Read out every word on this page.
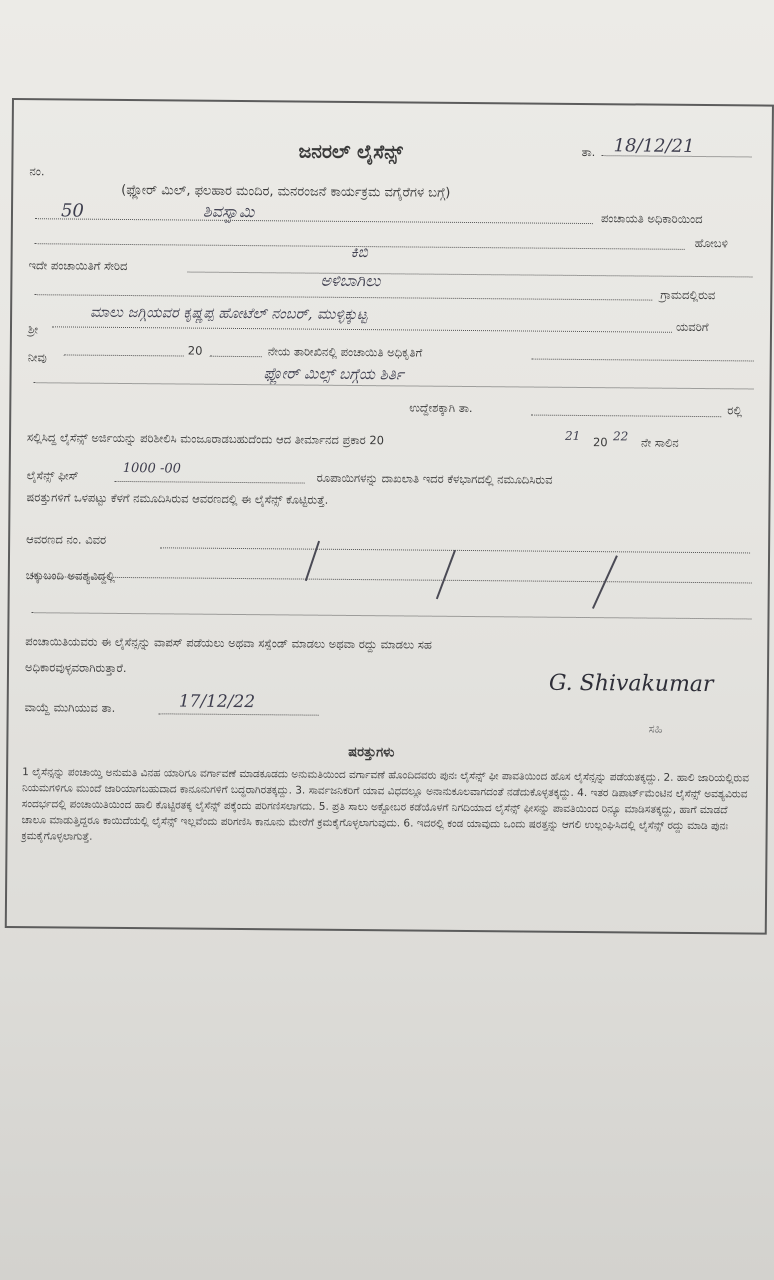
ಜನರಲ್ ಲೈಸೆನ್ಸ್	ತಾ. 18/12/21
ನಂ.
(ಫ್ಲೋರ್ ಮಿಲ್, ಫಲಹಾರ ಮಂದಿರ, ಮನರಂಜನೆ ಕಾರ್ಯಕ್ರಮ ವಗೈರೆಗಳ ಬಗ್ಗೆ)
50	ಶಿವಸ್ವಾಮಿ	ಪಂಚಾಯತಿ ಅಧಿಕಾರಿಯಿಂದ
ಹೋಬಳಿ
ಇದೇ ಪಂಚಾಯಿತಿಗೆ ಸೇರಿದ
ಕಿಬಿ
ಅಳಿಬಾಗಿಲು
ಗ್ರಾಮದಲ್ಲಿರುವ
ಶ್ರೀ
ಮಾಲು ಜಗ್ಗಿಯವರ ಕೃಷ್ಣಪ್ಪ ಹೋಟೆಲ್ ನಂಬರ್, ಮುಳ್ಳಿಕ್ಕುಟ್ಟ
ಯವರಿಗೆ
ನೀವು	20	ನೇಯ ತಾರೀಖಿನಲ್ಲಿ ಪಂಚಾಯಿತಿ ಅಧಿಕೃತಿಗೆ
ಫ್ಲೋರ್ ಮಿಲ್ಸ್ ಬಗ್ಗೆಯ ಶಿರ್ತಿ
ಉದ್ದೇಶಕ್ಕಾಗಿ ತಾ.	ರಲ್ಲಿ
ಸಲ್ಲಿಸಿದ್ದ ಲೈಸೆನ್ಸ್ ಅರ್ಜಿಯನ್ನು ಪರಿಶೀಲಿಸಿ ಮಂಜೂರಾಡಬಹುದೆಂದು ಆದ ತೀರ್ಮಾನದ ಪ್ರಕಾರ 20	21 20 22 ನೇ ಸಾಲಿನ
ಲೈಸೆನ್ಸ್ ಫೀಸ್	1000 -00
ರೂಪಾಯಿಗಳನ್ನು ದಾಖಲಾತಿ ಇದರ ಕೆಳಭಾಗದಲ್ಲಿ ನಮೂದಿಸಿರುವ
ಷರತ್ತುಗಳಿಗೆ ಒಳಪಟ್ಟು ಕೆಳಗೆ ನಮೂದಿಸಿರುವ ಆವರಣದಲ್ಲಿ ಈ ಲೈಸೆನ್ಸ್ ಕೊಟ್ಟಿರುತ್ತೆ.
ಆವರಣದ ನಂ. ವಿವರ
ಚಕ್ಕುಬಂದಿ ಅವಶ್ಯವಿದ್ದಲ್ಲಿ
ಪಂಚಾಯಿತಿಯವರು ಈ ಲೈಸೆನ್ಸನ್ನು ವಾಪಸ್ ಪಡೆಯಲು ಅಥವಾ ಸಸ್ಪೆಂಡ್ ಮಾಡಲು ಅಥವಾ ರದ್ದು ಮಾಡಲು ಸಹ
ಅಧಿಕಾರವುಳ್ಳವರಾಗಿರುತ್ತಾರೆ.
ವಾಯ್ದೆ ಮುಗಿಯುವ ತಾ.	17/12/22
G. Shivakumar
ಸಹಿ
ಷರತ್ತುಗಳು
1 ಲೈಸೆನ್ಸನ್ನು ಪಂಚಾಯ್ತಿ ಅನುಮತಿ ವಿನಹ ಯಾರಿಗೂ ವರ್ಗಾವಣೆ ಮಾಡಕೂಡದು ಅನುಮತಿಯಿಂದ ವರ್ಗಾವಣೆ ಹೊಂದಿದವರು ಪುನಃ ಲೈಸೆನ್ಸ್ ಫೀ ಪಾವತಿಯಿಂದ ಹೊಸ ಲೈಸೆನ್ಸನ್ನು ಪಡೆಯತಕ್ಕದ್ದು. 2. ಹಾಲಿ ಜಾರಿಯಲ್ಲಿರುವ ನಿಯಮಗಳಿಗೂ ಮುಂದೆ ಜಾರಿಯಾಗಬಹುದಾದ ಕಾನೂನುಗಳಿಗೆ ಬದ್ಧರಾಗಿರತಕ್ಕದ್ದು. 3. ಸಾರ್ವಜನಿಕರಿಗೆ ಯಾವ ವಿಧದಲ್ಲೂ ಅನಾನುಕೂಲವಾಗದಂತೆ ನಡೆದುಕೊಳ್ಳತಕ್ಕದ್ದು. 4. ಇತರ ಡಿಪಾರ್ಟ್‌ಮೆಂಟಿನ ಲೈಸೆನ್ಸ್ ಅವಶ್ಯವಿರುವ ಸಂದರ್ಭದಲ್ಲಿ ಪಂಚಾಯಿತಿಯಿಂದ ಹಾಲಿ ಕೊಟ್ಟಿರತಕ್ಕ ಲೈಸೆನ್ಸ್ ಪಕ್ಕೆಂದು ಪರಿಗಣಿಸಲಾಗದು. 5. ಪ್ರತಿ ಸಾಲು ಅಕ್ಟೋಬರ ಕಡೆಯೊಳಗೆ ನಿಗದಿಯಾದ ಲೈಸೆನ್ಸ್ ಫೀಸನ್ನು ಪಾವತಿಯಿಂದ ರಿನ್ಯೂ ಮಾಡಿಸತಕ್ಕದ್ದು, ಹಾಗೆ ಮಾಡದೆ ಚಾಲೂ ಮಾಡುತ್ತಿದ್ದರೂ ಕಾಯಿದೆಯಲ್ಲಿ ಲೈಸೆನ್ಸ್ ಇಲ್ಲವೆಂದು ಪರಿಗಣಿಸಿ ಕಾನೂನು ಮೇರೆಗೆ ಕ್ರಮಕೈಗೊಳ್ಳಲಾಗುವುದು. 6. ಇದರಲ್ಲಿ ಕಂಡ ಯಾವುದು ಒಂದು ಷರತ್ತನ್ನು ಆಗಲಿ ಉಲ್ಲಂಘಿಸಿದಲ್ಲಿ ಲೈಸೆನ್ಸ್ ರದ್ದು ಮಾಡಿ ಪುನಃ ಕ್ರಮಕೈಗೊಳ್ಳಲಾಗುತ್ತೆ.
